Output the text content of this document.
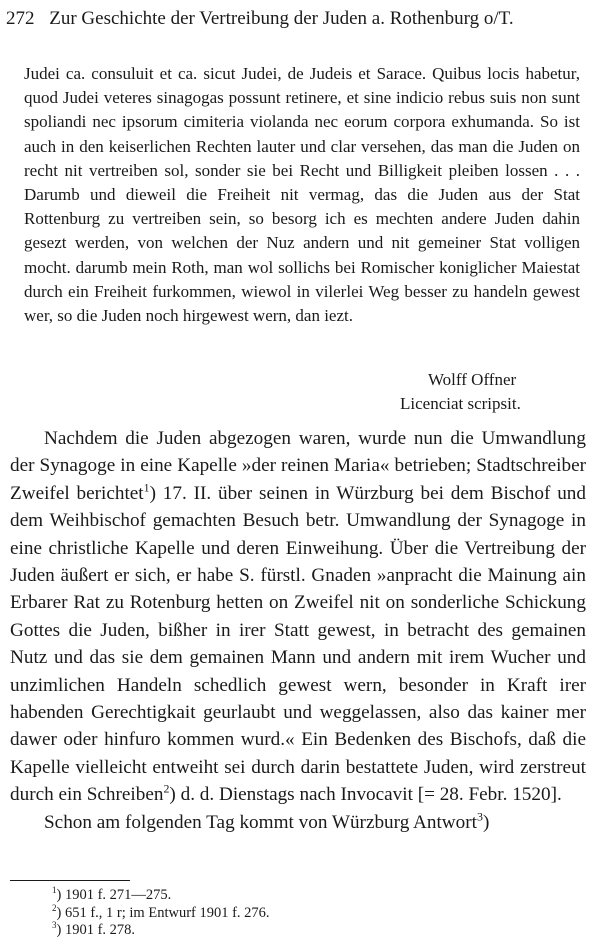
272 Zur Geschichte der Vertreibung der Juden a. Rothenburg o/T.

Judei ca. consuluit et ca. sicut Judei, de Judeis et Sarace. Quibus locis habetur, quod Judei veteres sinagogas possunt retinere, et sine indicio rebus suis non sunt spoliandi nec ipsorum cimiteria violanda nec eorum corpora exhumanda. So ist auch in den keiserlichen Rechten lauter und clar versehen, das man die Juden on recht nit vertreiben sol, sonder sie bei Recht und Billigkeit pleiben lossen . . . Darumb und dieweil die Freiheit nit vermag, das die Juden aus der Stat Rottenburg zu vertreiben sein, so besorg ich es mechten andere Juden dahin gesezt werden, von welchen der Nuz andern und nit gemeiner Stat volligen mocht. darumb mein Roth, man wol sollichs bei Romischer koniglicher Maiestat durch ein Freiheit furkommen, wiewol in vilerlei Weg besser zu handeln gewest wer, so die Juden noch hirgewest wern, dan iezt.

Wolff Offner
Licenciat scripsit.

Nachdem die Juden abgezogen waren, wurde nun die Umwandlung der Synagoge in eine Kapelle »der reinen Maria« betrieben; Stadtschreiber Zweifel berichtet$^1$) 17. II. über seinen in Würzburg bei dem Bischof und dem Weihbischof gemachten Besuch betr. Umwandlung der Synagoge in eine christliche Kapelle und deren Einweihung. Über die Vertreibung der Juden äußert er sich, er habe S. fürstl. Gnaden »anpracht die Mainung ain Erbarer Rat zu Rotenburg hetten on Zweifel nit on sonderliche Schickung Gottes die Juden, bißher in irer Statt gewest, in betracht des gemainen Nutz und das sie dem gemainen Mann und andern mit irem Wucher und unzimlichen Handeln schedlich gewest wern, besonder in Kraft irer habenden Gerechtigkait geurlaubt und weggelassen, also das kainer mer dawer oder hinfuro kommen wurd.« Ein Bedenken des Bischofs, daß die Kapelle vielleicht entweiht sei durch darin bestattete Juden, wird zerstreut durch ein Schreiben$^2$) d. d. Dienstags nach Invocavit [= 28. Febr. 1520].

Schon am folgenden Tag kommt von Würzburg Antwort$^3$)

$^1$) 1901 f. 271—275.
$^2$) 651 f., 1 r; im Entwurf 1901 f. 276.
$^3$) 1901 f. 278.
